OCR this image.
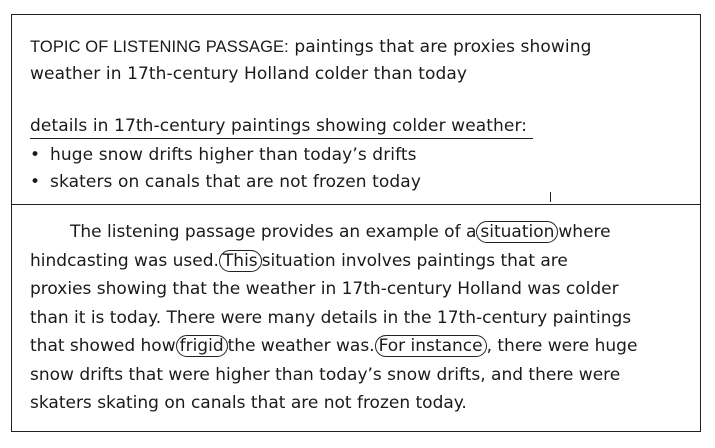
TOPIC OF LISTENING PASSAGE: paintings that are proxies showing

weather in 17th-century Holland colder than today

details in 17th-century paintings showing colder weather:
• huge snow drifts higher than today’s drifts
• skaters on canals that are not frozen today

The listening passage provides an example of a situation where

hindcasting was used. This situation involves paintings that are

proxies showing that the weather in 17th-century Holland was colder

than it is today. There were many details in the 17th-century paintings

that showed how frigid the weather was. For instance , there were huge

snow drifts that were higher than today’s snow drifts, and there were

skaters skating on canals that are not frozen today.
